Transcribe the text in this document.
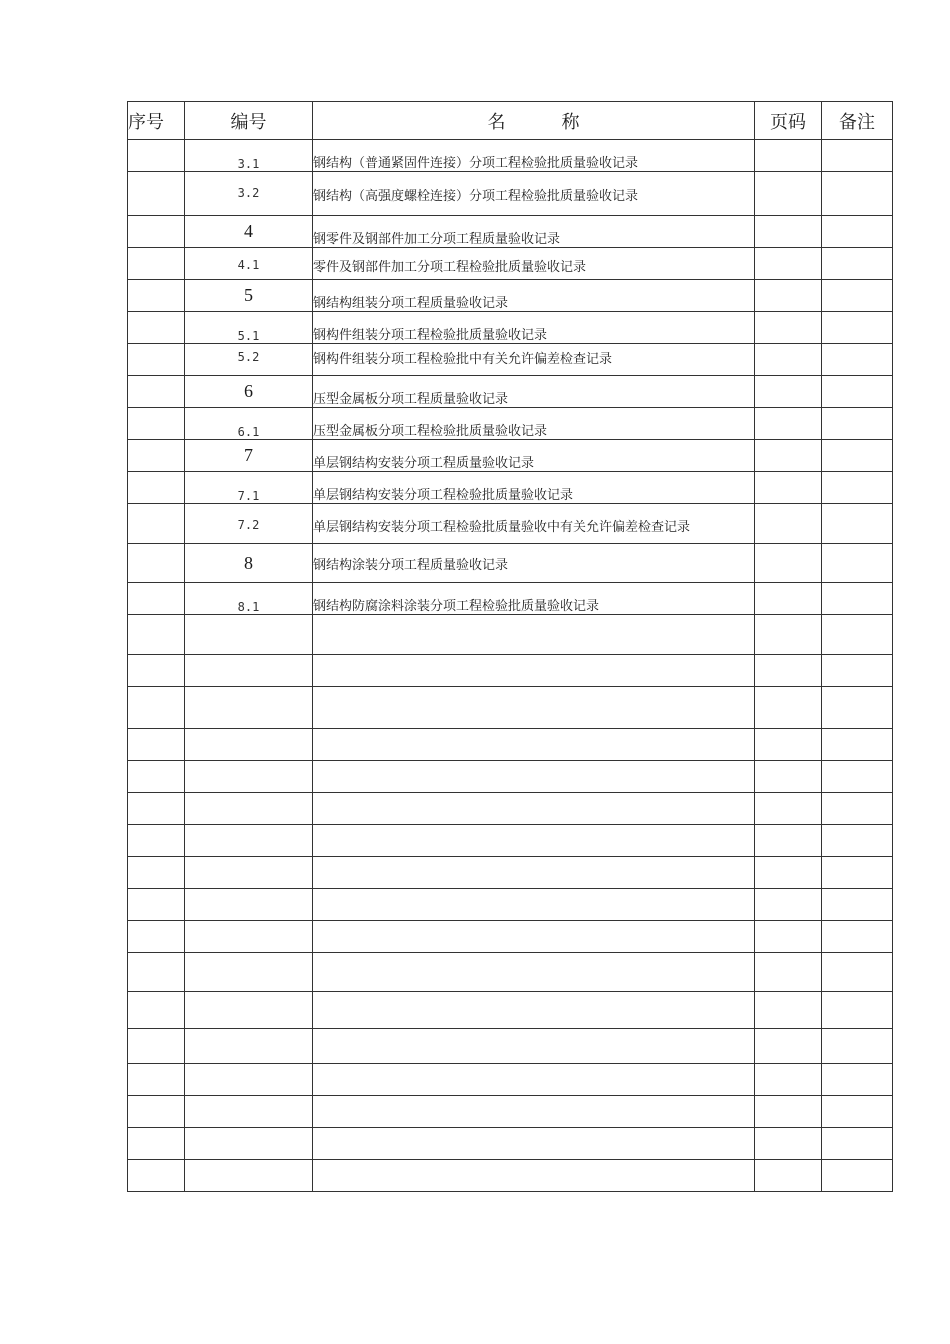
序号	编号	名 称	页码	备注
	3.1	钢结构（普通紧固件连接）分项工程检验批质量验收记录		
	3.2	钢结构（高强度螺栓连接）分项工程检验批质量验收记录		
	4	钢零件及钢部件加工分项工程质量验收记录		
	4.1	零件及钢部件加工分项工程检验批质量验收记录		
	5	钢结构组装分项工程质量验收记录		
	5.1	钢构件组装分项工程检验批质量验收记录		
	5.2	钢构件组装分项工程检验批中有关允许偏差检查记录		
	6	压型金属板分项工程质量验收记录		
	6.1	压型金属板分项工程检验批质量验收记录		
	7	单层钢结构安装分项工程质量验收记录		
	7.1	单层钢结构安装分项工程检验批质量验收记录		
	7.2	单层钢结构安装分项工程检验批质量验收中有关允许偏差检查记录		
	8	钢结构涂装分项工程质量验收记录		
	8.1	钢结构防腐涂料涂装分项工程检验批质量验收记录		
